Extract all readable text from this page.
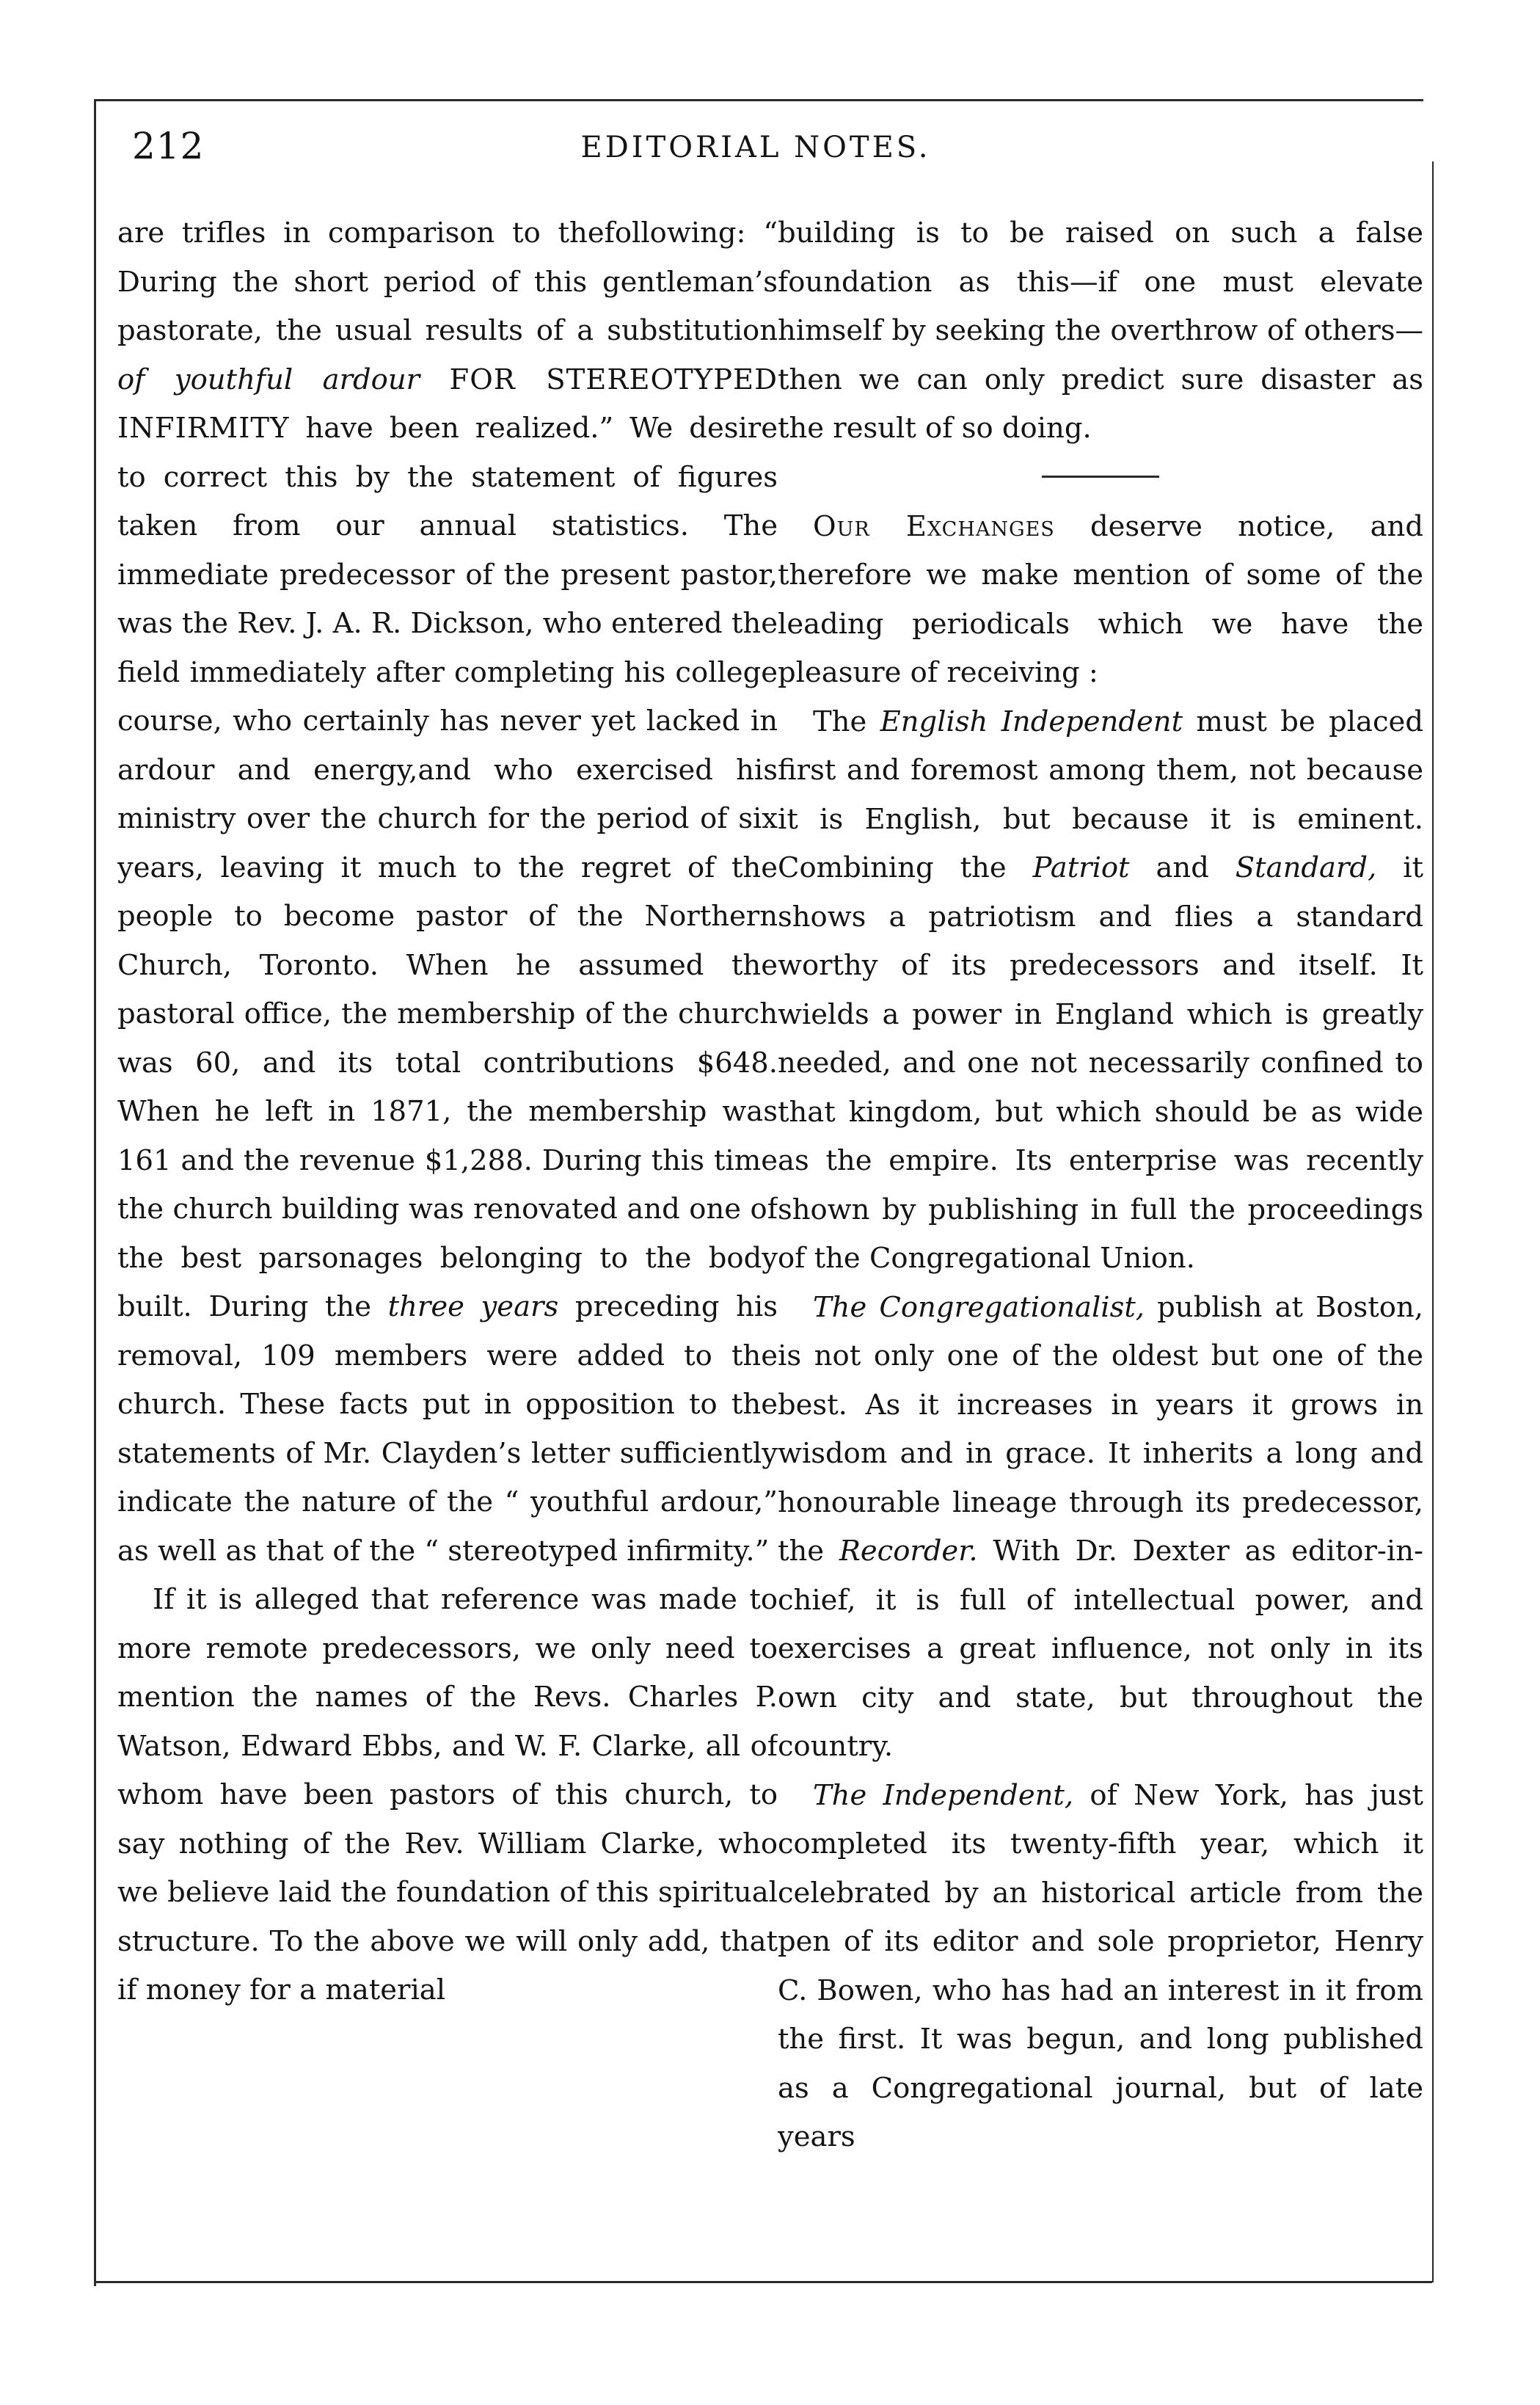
212	EDITORIAL NOTES.

are trifles in comparison to thefollowing: “ During the short period of this gentleman’s pastorate, the usual results of a substitution of youthful ardour FOR STEREOTYPED INFIRMITY have been realized.” We desire to correct this by the statement of figures taken from our annual statistics. The immediate predecessor of the present pastor, was the Rev. J. A. R. Dickson, who entered the field immediately after completing his college course, who certainly has never yet lacked in ardour and energy,and who exercised his ministry over the church for the period of six years, leaving it much to the regret of the people to become pastor of the Northern Church, Toronto. When he assumed the pastoral office, the membership of the church was 60, and its total contributions $648. When he left in 1871, the membership was 161 and the revenue $1,288. During this time the church building was renovated and one of the best parsonages belonging to the body built. During the three years preceding his removal, 109 members were added to the church. These facts put in opposition to the statements of Mr. Clayden’s letter sufficiently indicate the nature of the “ youthful ardour,” as well as that of the “ stereotyped infirmity.”

If it is alleged that reference was made to more remote predecessors, we only need to mention the names of the Revs. Charles P. Watson, Edward Ebbs, and W. F. Clarke, all of whom have been pastors of this church, to say nothing of the Rev. William Clarke, who we believe laid the foundation of this spiritual structure. To the above we will only add, that if money for a material

building is to be raised on such a false foundation as this—if one must elevate himself by seeking the overthrow of others—then we can only predict sure disaster as the result of so doing.

Our Exchanges deserve notice, and therefore we make mention of some of the leading periodicals which we have the pleasure of receiving :

The English Independent must be placed first and foremost among them, not because it is English, but because it is eminent. Combining the Patriot and Standard, it shows a patriotism and flies a standard worthy of its predecessors and itself. It wields a power in England which is greatly needed, and one not necessarily confined to that kingdom, but which should be as wide as the empire. Its enterprise was recently shown by publishing in full the proceedings of the Congregational Union.

The Congregationalist, publish at Boston, is not only one of the oldest but one of the best. As it increases in years it grows in wisdom and in grace. It inherits a long and honourable lineage through its predecessor, the Recorder. With Dr. Dexter as editor-in-chief, it is full of intellectual power, and exercises a great influence, not only in its own city and state, but throughout the country.

The Independent, of New York, has just completed its twenty-fifth year, which it celebrated by an historical article from the pen of its editor and sole proprietor, Henry C. Bowen, who has had an interest in it from the first. It was begun, and long published as a Congregational journal, but of late years
